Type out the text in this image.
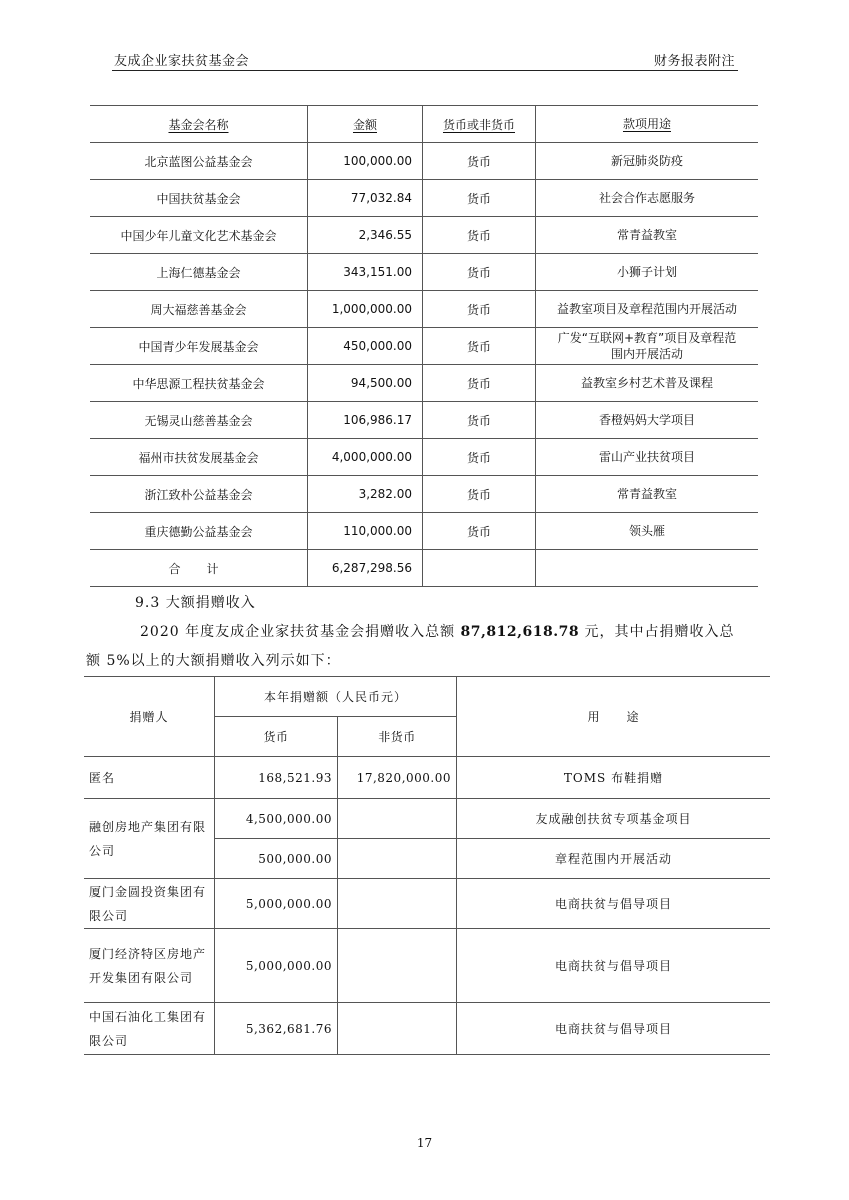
友成企业家扶贫基金会	财务报表附注
基金会名称	金额	货币或非货币	款项用途
北京蓝图公益基金会	100,000.00	货币	新冠肺炎防疫
中国扶贫基金会	77,032.84	货币	社会合作志愿服务
中国少年儿童文化艺术基金会	2,346.55	货币	常青益教室
上海仁德基金会	343,151.00	货币	小狮子计划
周大福慈善基金会	1,000,000.00	货币	益教室项目及章程范围内开展活动
中国青少年发展基金会	450,000.00	货币	广发“互联网+教育”项目及章程范围内开展活动
中华思源工程扶贫基金会	94,500.00	货币	益教室乡村艺术普及课程
无锡灵山慈善基金会	106,986.17	货币	香橙妈妈大学项目
福州市扶贫发展基金会	4,000,000.00	货币	雷山产业扶贫项目
浙江致朴公益基金会	3,282.00	货币	常青益教室
重庆德勤公益基金会	110,000.00	货币	领头雁
合计	6,287,298.56		
9.3 大额捐赠收入
2020 年度友成企业家扶贫基金会捐赠收入总额 87,812,618.78 元，其中占捐赠收入总
额 5%以上的大额捐赠收入列示如下：
捐赠人	本年捐赠额（人民币元）		用　　途
	货币	非货币	
匿名	168,521.93	17,820,000.00	TOMS 布鞋捐赠
融创房地产集团有限公司	4,500,000.00		友成融创扶贫专项基金项目
	500,000.00		章程范围内开展活动
厦门金圆投资集团有限公司	5,000,000.00		电商扶贫与倡导项目
厦门经济特区房地产开发集团有限公司	5,000,000.00		电商扶贫与倡导项目
中国石油化工集团有限公司	5,362,681.76		电商扶贫与倡导项目
17
